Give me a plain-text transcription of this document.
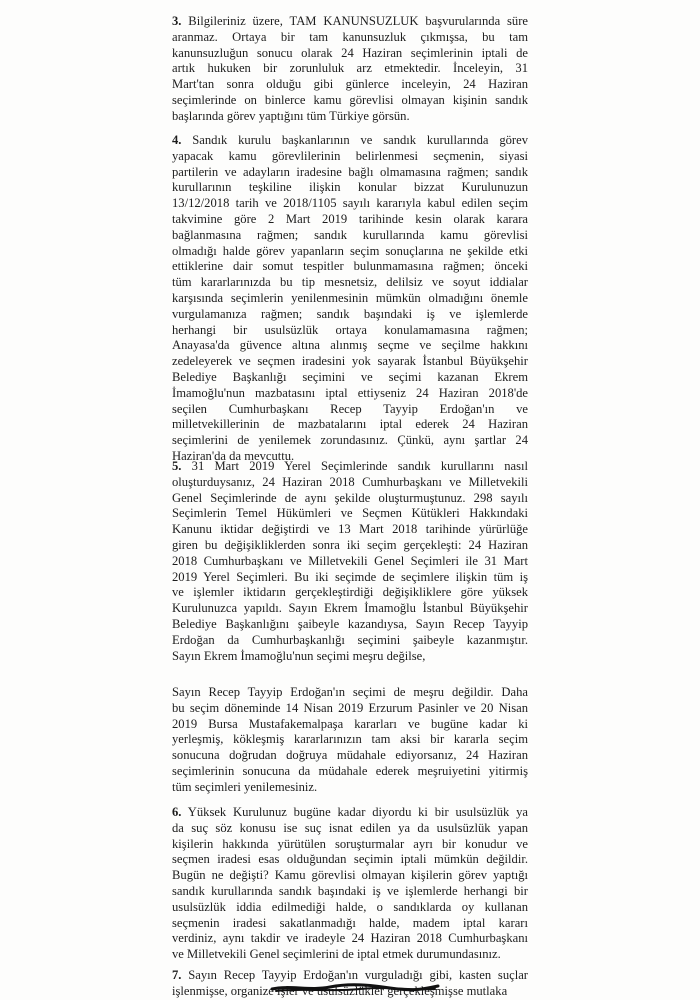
3. Bilgileriniz üzere, TAM KANUNSUZLUK başvurularında süre
aranmaz. Ortaya bir tam kanunsuzluk çıkmışsa, bu tam
kanunsuzluğun sonucu olarak 24 Haziran seçimlerinin iptali de
artık hukuken bir zorunluluk arz etmektedir. İnceleyin, 31
Mart'tan sonra olduğu gibi günlerce inceleyin, 24 Haziran
seçimlerinde on binlerce kamu görevlisi olmayan kişinin sandık
başlarında görev yaptığını tüm Türkiye görsün.
4. Sandık kurulu başkanlarının ve sandık kurullarında görev
yapacak kamu görevlilerinin belirlenmesi seçmenin, siyasi
partilerin ve adayların iradesine bağlı olmamasına rağmen; sandık
kurullarının teşkiline ilişkin konular bizzat Kurulunuzun
13/12/2018 tarih ve 2018/1105 sayılı kararıyla kabul edilen seçim
takvimine göre 2 Mart 2019 tarihinde kesin olarak karara
bağlanmasına rağmen; sandık kurullarında kamu görevlisi
olmadığı halde görev yapanların seçim sonuçlarına ne şekilde etki
ettiklerine dair somut tespitler bulunmamasına rağmen; önceki
tüm kararlarınızda bu tip mesnetsiz, delilsiz ve soyut iddialar
karşısında seçimlerin yenilenmesinin mümkün olmadığını önemle
vurgulamanıza rağmen; sandık başındaki iş ve işlemlerde
herhangi bir usulsüzlük ortaya konulamamasına rağmen;
Anayasa'da güvence altına alınmış seçme ve seçilme hakkını
zedeleyerek ve seçmen iradesini yok sayarak İstanbul Büyükşehir
Belediye Başkanlığı seçimini ve seçimi kazanan Ekrem
İmamoğlu'nun mazbatasını iptal ettiyseniz 24 Haziran 2018'de
seçilen Cumhurbaşkanı Recep Tayyip Erdoğan'ın ve
milletvekillerinin de mazbatalarını iptal ederek 24 Haziran
seçimlerini de yenilemek zorundasınız. Çünkü, aynı şartlar 24
Haziran'da da mevcuttu.
5. 31 Mart 2019 Yerel Seçimlerinde sandık kurullarını nasıl
oluşturduysanız, 24 Haziran 2018 Cumhurbaşkanı ve Milletvekili
Genel Seçimlerinde de aynı şekilde oluşturmuştunuz. 298 sayılı
Seçimlerin Temel Hükümleri ve Seçmen Kütükleri Hakkındaki
Kanunu iktidar değiştirdi ve 13 Mart 2018 tarihinde yürürlüğe
giren bu değişikliklerden sonra iki seçim gerçekleşti: 24 Haziran
2018 Cumhurbaşkanı ve Milletvekili Genel Seçimleri ile 31 Mart
2019 Yerel Seçimleri. Bu iki seçimde de seçimlere ilişkin tüm iş
ve işlemler iktidarın gerçekleştirdiği değişikliklere göre yüksek
Kurulunuzca yapıldı. Sayın Ekrem İmamoğlu İstanbul Büyükşehir
Belediye Başkanlığını şaibeyle kazandıysa, Sayın Recep Tayyip
Erdoğan da Cumhurbaşkanlığı seçimini şaibeyle kazanmıştır.
Sayın Ekrem İmamoğlu'nun seçimi meşru değilse,
Sayın Recep Tayyip Erdoğan'ın seçimi de meşru değildir. Daha
bu seçim döneminde 14 Nisan 2019 Erzurum Pasinler ve 20 Nisan
2019 Bursa Mustafakemalpaşa kararları ve bugüne kadar ki
yerleşmiş, kökleşmiş kararlarınızın tam aksi bir kararla seçim
sonucuna doğrudan doğruya müdahale ediyorsanız, 24 Haziran
seçimlerinin sonucuna da müdahale ederek meşruiyetini yitirmiş
tüm seçimleri yenilemesiniz.
6. Yüksek Kurulunuz bugüne kadar diyordu ki bir usulsüzlük ya
da suç söz konusu ise suç isnat edilen ya da usulsüzlük yapan
kişilerin hakkında yürütülen soruşturmalar ayrı bir konudur ve
seçmen iradesi esas olduğundan seçimin iptali mümkün değildir.
Bugün ne değişti? Kamu görevlisi olmayan kişilerin görev yaptığı
sandık kurullarında sandık başındaki iş ve işlemlerde herhangi bir
usulsüzlük iddia edilmediği halde, o sandıklarda oy kullanan
seçmenin iradesi sakatlanmadığı halde, madem iptal kararı
verdiniz, aynı takdir ve iradeyle 24 Haziran 2018 Cumhurbaşkanı
ve Milletvekili Genel seçimlerini de iptal etmek durumundasınız.
7. Sayın Recep Tayyip Erdoğan'ın vurguladığı gibi, kasten suçlar
işlenmişse, organize işler ve usulsüzlükler gerçekleşmişse mutlaka
